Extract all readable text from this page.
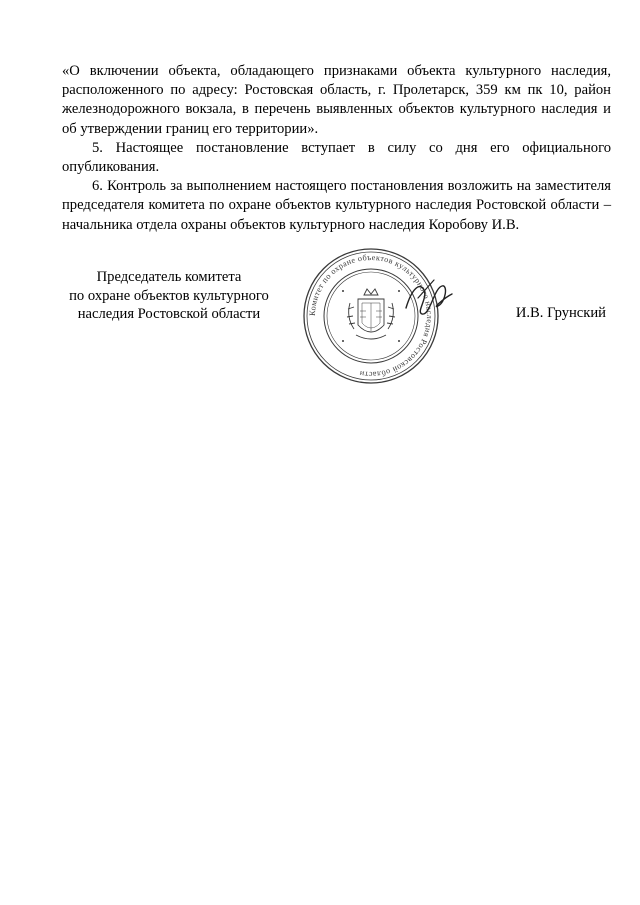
«О включении объекта, обладающего признаками объекта культурного наследия, расположенного по адресу: Ростовская область, г. Пролетарск, 359 км пк 10, район железнодорожного вокзала, в перечень выявленных объектов культурного наследия и об утверждении границ его территории».

5. Настоящее постановление вступает в силу со дня его официального опубликования.

6. Контроль за выполнением настоящего постановления возложить на заместителя председателя комитета по охране объектов культурного наследия Ростовской области – начальника отдела охраны объектов культурного наследия Коробову И.В.

Председатель комитета
по охране объектов культурного
наследия Ростовской области	Комитет по охране объектов культурного наследия Ростовской области
И.В. Грунский
